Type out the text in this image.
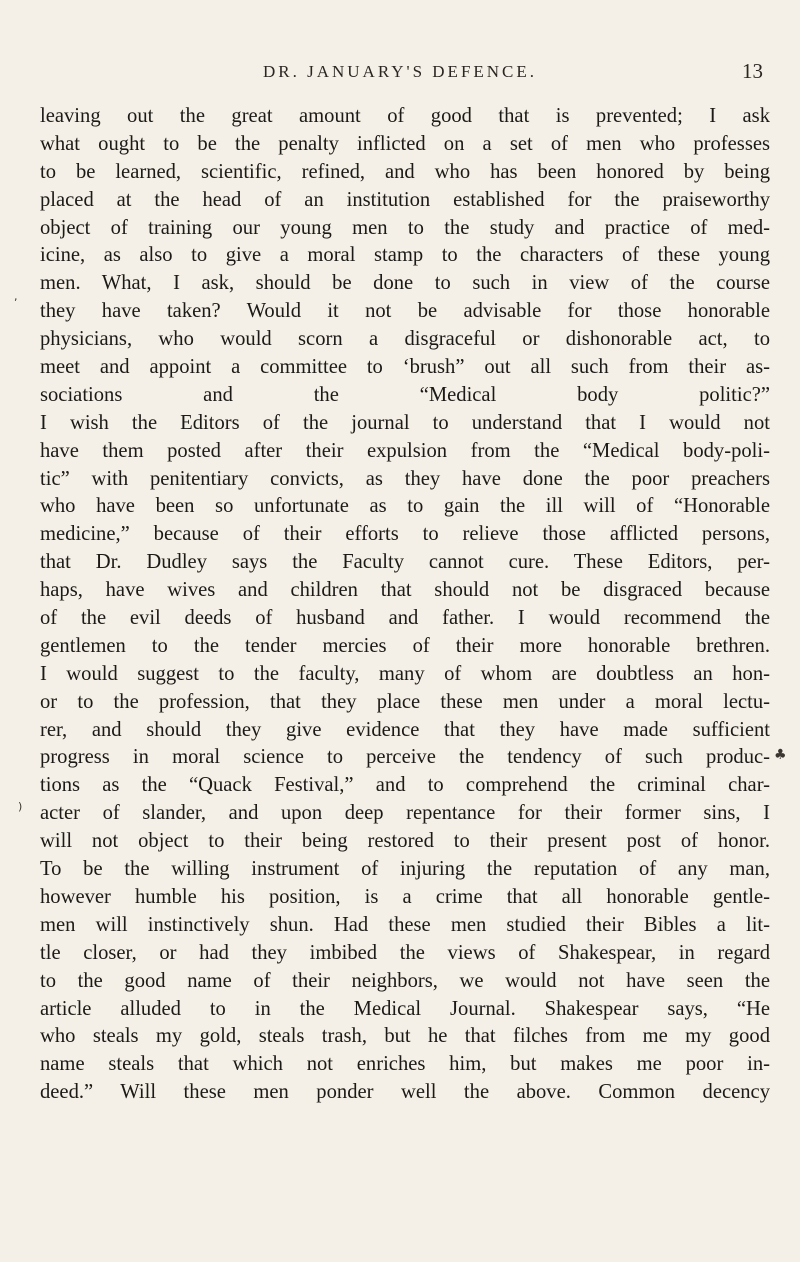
DR. JANUARY'S DEFENCE.	13
leaving out the great amount of good that is prevented; I ask
what ought to be the penalty inflicted on a set of men who professes
to be learned, scientific, refined, and who has been honored by being
placed at the head of an institution established for the praiseworthy
object of training our young men to the study and practice of med-
icine, as also to give a moral stamp to the characters of these young
men. What, I ask, should be done to such in view of the course
they have taken? Would it not be advisable for those honorable
physicians, who would scorn a disgraceful or dishonorable act, to
meet and appoint a committee to ‘brush” out all such from their as-
sociations and the “Medical body politic?”
I wish the Editors of the journal to understand that I would not
have them posted after their expulsion from the “Medical body-poli-
tic” with penitentiary convicts, as they have done the poor preachers
who have been so unfortunate as to gain the ill will of “Honorable
medicine,” because of their efforts to relieve those afflicted persons,
that Dr. Dudley says the Faculty cannot cure. These Editors, per-
haps, have wives and children that should not be disgraced because
of the evil deeds of husband and father. I would recommend the
gentlemen to the tender mercies of their more honorable brethren.
I would suggest to the faculty, many of whom are doubtless an hon-
or to the profession, that they place these men under a moral lectu-
rer, and should they give evidence that they have made sufficient
progress in moral science to perceive the tendency of such produc-
tions as the “Quack Festival,” and to comprehend the criminal char-
acter of slander, and upon deep repentance for their former sins, I
will not object to their being restored to their present post of honor.
To be the willing instrument of injuring the reputation of any man,
however humble his position, is a crime that all honorable gentle-
men will instinctively shun. Had these men studied their Bibles a lit-
tle closer, or had they imbibed the views of Shakespear, in regard
to the good name of their neighbors, we would not have seen the
article alluded to in the Medical Journal. Shakespear says, “He
who steals my gold, steals trash, but he that filches from me my good
name steals that which not enriches him, but makes me poor in-
deed.” Will these men ponder well the above. Common decency
,
♣
)
